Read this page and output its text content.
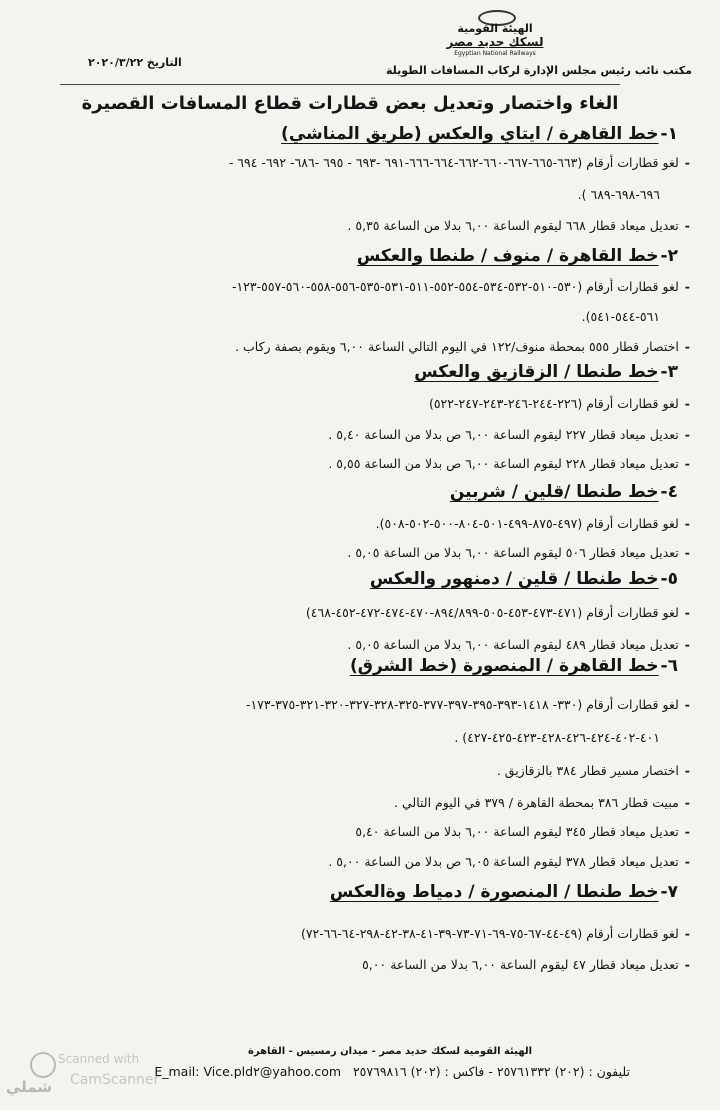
الهيئة القومية
لسكك حديد مصر
Egyptian National Railways
مكتب نائب رئيس مجلس الإدارة لركاب المسافات الطويلة
التاريخ ٢٠٢٠/٣/٢٢
الغاء واختصار وتعديل بعض قطارات قطاع المسافات القصيرة
١-خط القاهرة / ايتاي والعكس (طريق المناشي)
-لغو قطارات أرقام (٦٦٣-٦٦٥-٦٦٧-٦٦٠-٦٦٢-٦٦٤-٦٦٦-٦٩١ -٦٩٣ - ٦٩٥ -٦٨٦- ٦٩٢- ٦٩٤ -
٦٩٦-٦٩٨-٦٨٩ ).
-تعديل ميعاد قطار ٦٦٨ ليقوم الساعة ٦,٠٠ بدلا من الساعة ٥,٣٥ .
٢-خط القاهرة / منوف / طنطا والعكس
-لغو قطارات أرقام (٥٣٠-٥١٠-٥٣٢-٥٣٤-٥٥٤-٥٥٢-٥١١-٥٣١-٥٣٥-٥٥٦-٥٥٨-٥٦٠-٥٥٧-١٢٣-
٥٦١-٥٤٤-٥٤١).
-اختصار قطار ٥٥٥ بمحطة منوف/١٢٢ في اليوم التالي الساعة ٦,٠٠ ويقوم بصفة ركاب .
٣-خط طنطا / الزقازيق والعكس
-لغو قطارات أرقام (٢٢٦-٢٤٤-٢٤٦-٢٤٣-٢٤٧-٥٢٢)
-تعديل ميعاد قطار ٢٢٧ ليقوم الساعة ٦,٠٠ ص بدلا من الساعة ٥,٤٠ .
-تعديل ميعاد قطار ٢٢٨ ليقوم الساعة ٦,٠٠ ص بدلا من الساعة ٥,٥٥ .
٤-خط طنطا /قلين / شربين
-لغو قطارات أرقام (٤٩٧-٨٧٥-٤٩٩-٥٠١-٨٠٤-٥٠٠-٥٠٢-٥٠٨).
-تعديل ميعاد قطار ٥٠٦ ليقوم الساعة ٦,٠٠ بدلا من الساعة ٥,٠٥ .
٥-خط طنطا / قلين / دمنهور والعكس
-لغو قطارات أرقام (٤٧١-٤٧٣-٤٥٣-٥٠٥-٨٩٤/٨٩٩-٤٧٠-٤٧٤-٤٧٢-٤٥٢-٤٦٨)
-تعديل ميعاد قطار ٤٨٩ ليقوم الساعة ٦,٠٠ بدلا من الساعة ٥,٠٥ .
٦-خط القاهرة / المنصورة (خط الشرق)
-لغو قطارات أرقام (٣٣٠- ١٤١٨-٣٩٣-٣٩٥-٣٩٧-٣٧٧-٣٢٥-٣٢٨-٣٢٧-٣٢٠-٣٢١-٣٧٥-١٧٣-
٤٠١-٤٠٢-٤٢٤-٤٢٦-٤٢٨-٤٢٣-٤٢٥-٤٢٧) .
-اختصار مسير قطار ٣٨٤ بالزقازيق .
-مبيت قطار ٣٨٦ بمحطة القاهرة / ٣٧٩ في اليوم التالي .
-تعديل ميعاد قطار ٣٤٥ ليقوم الساعة ٦,٠٠ بدلا من الساعة ٥,٤٠
-تعديل ميعاد قطار ٣٧٨ ليقوم الساعة ٦,٠٥ ص بدلا من الساعة ٥,٠٠ .
٧-خط طنطا / المنصورة / دمياط وةالعكس
-لغو قطارات أرقام (٤٩-٤٤-٦٧-٧٥-٦٩-٧١-٧٣-٣٩-٤١-٣٨-٤٢-٢٩٨-٦٤-٦٦-٧٢)
-تعديل ميعاد قطار ٤٧ ليقوم الساعة ٦,٠٠ بدلا من الساعة ٥,٠٠
الهيئة القومية لسكك حديد مصر - ميدان رمسيس - القاهرة
تليفون : (٢٠٢) ٢٥٧٦١٣٣٢ - فاكس : (٢٠٢) ٢٥٧٦٩٨١٦   E_mail: Vice.pld٢@yahoo.com
Scanned with
CamScanner
شملي
